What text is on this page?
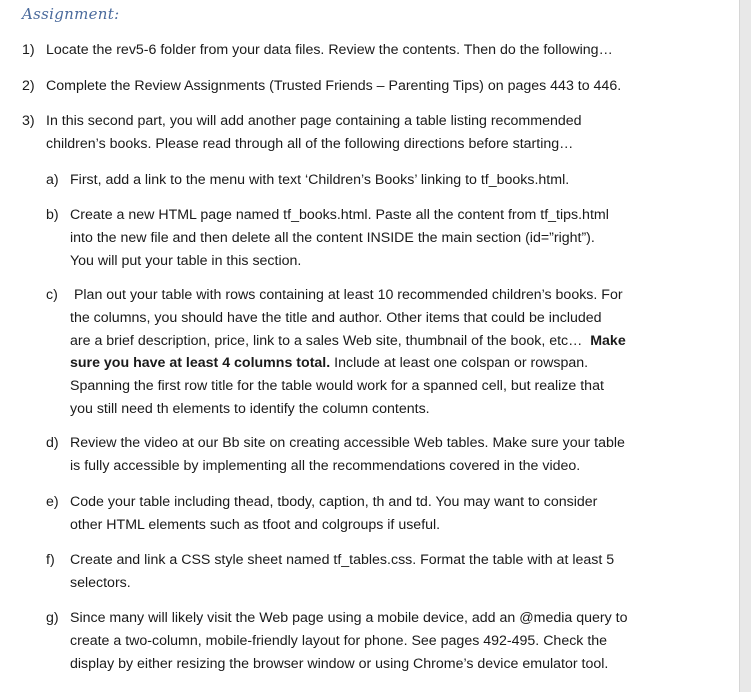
Assignment:
1) Locate the rev5-6 folder from your data files. Review the contents. Then do the following…
2) Complete the Review Assignments (Trusted Friends – Parenting Tips) on pages 443 to 446.
3) In this second part, you will add another page containing a table listing recommended
children’s books. Please read through all of the following directions before starting…
a) First, add a link to the menu with text ‘Children’s Books’ linking to tf_books.html.
b) Create a new HTML page named tf_books.html. Paste all the content from tf_tips.html
into the new file and then delete all the content INSIDE the main section (id=”right”).
You will put your table in this section.
c) Plan out your table with rows containing at least 10 recommended children’s books. For
the columns, you should have the title and author. Other items that could be included
are a brief description, price, link to a sales Web site, thumbnail of the book, etc…  Make
sure you have at least 4 columns total. Include at least one colspan or rowspan.
Spanning the first row title for the table would work for a spanned cell, but realize that
you still need th elements to identify the column contents.
d) Review the video at our Bb site on creating accessible Web tables. Make sure your table
is fully accessible by implementing all the recommendations covered in the video.
e) Code your table including thead, tbody, caption, th and td. You may want to consider
other HTML elements such as tfoot and colgroups if useful.
f) Create and link a CSS style sheet named tf_tables.css. Format the table with at least 5
selectors.
g) Since many will likely visit the Web page using a mobile device, add an @media query to
create a two-column, mobile-friendly layout for phone. See pages 492-495. Check the
display by either resizing the browser window or using Chrome’s device emulator tool.
